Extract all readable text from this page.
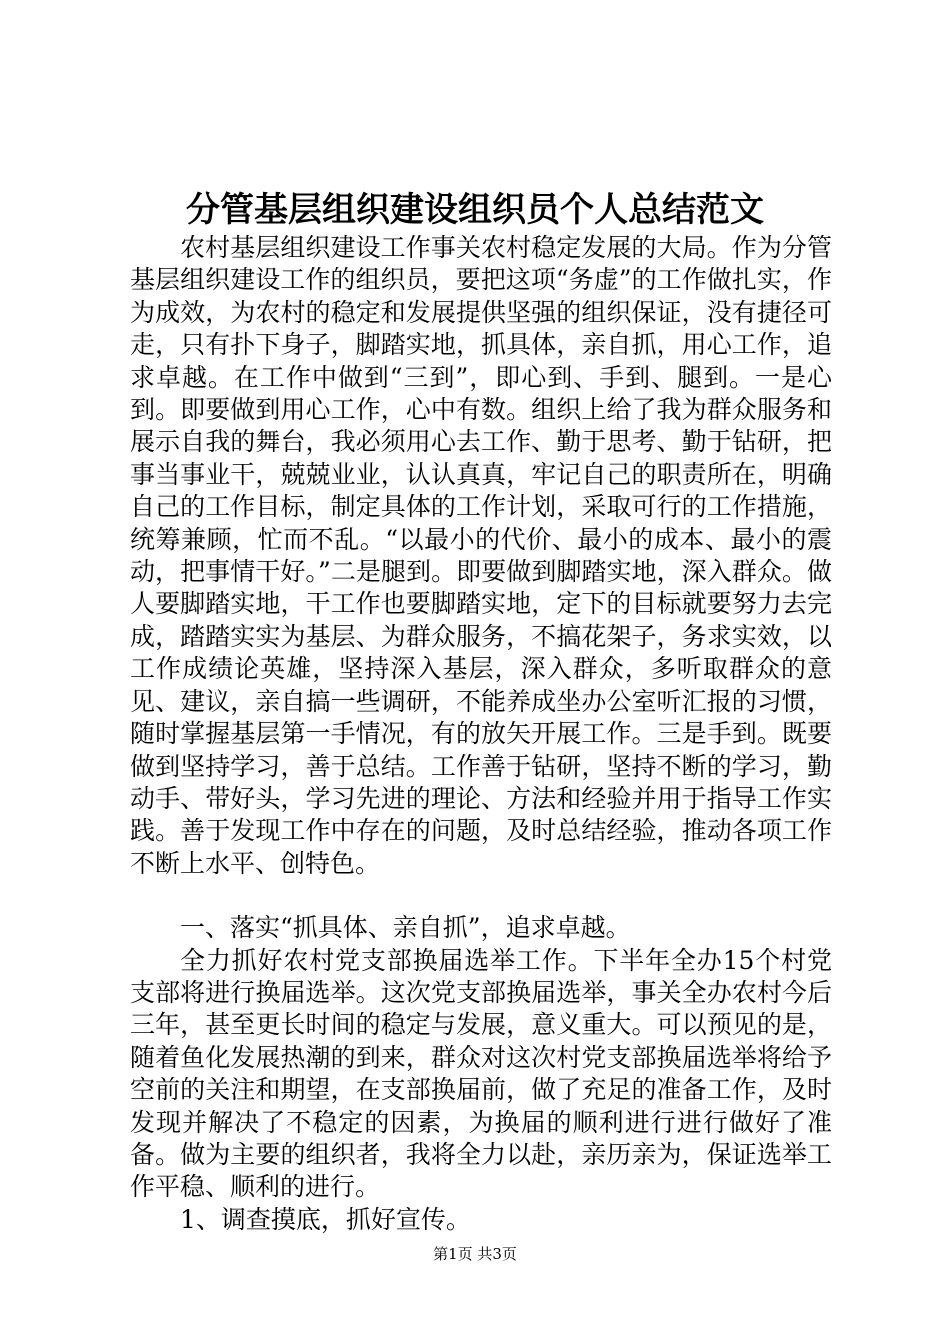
分管基层组织建设组织员个人总结范文

农村基层组织建设工作事关农村稳定发展的大局。作为分管基层组织建设工作的组织员，要把这项“务虚”的工作做扎实，作为成效，为农村的稳定和发展提供坚强的组织保证，没有捷径可走，只有扑下身子，脚踏实地，抓具体，亲自抓，用心工作，追求卓越。在工作中做到“三到”，即心到、手到、腿到。一是心到。即要做到用心工作，心中有数。组织上给了我为群众服务和展示自我的舞台，我必须用心去工作、勤于思考、勤于钻研，把事当事业干，兢兢业业，认认真真，牢记自己的职责所在，明确自己的工作目标，制定具体的工作计划，采取可行的工作措施，统筹兼顾，忙而不乱。“以最小的代价、最小的成本、最小的震动，把事情干好。”二是腿到。即要做到脚踏实地，深入群众。做人要脚踏实地，干工作也要脚踏实地，定下的目标就要努力去完成，踏踏实实为基层、为群众服务，不搞花架子，务求实效，以工作成绩论英雄，坚持深入基层，深入群众，多听取群众的意见、建议，亲自搞一些调研，不能养成坐办公室听汇报的习惯，随时掌握基层第一手情况，有的放矢开展工作。三是手到。既要做到坚持学习，善于总结。工作善于钻研，坚持不断的学习，勤动手、带好头，学习先进的理论、方法和经验并用于指导工作实践。善于发现工作中存在的问题，及时总结经验，推动各项工作不断上水平、创特色。

一、落实“抓具体、亲自抓”，追求卓越。

全力抓好农村党支部换届选举工作。下半年全办15个村党支部将进行换届选举。这次党支部换届选举，事关全办农村今后三年，甚至更长时间的稳定与发展，意义重大。可以预见的是，随着鱼化发展热潮的到来，群众对这次村党支部换届选举将给予空前的关注和期望，在支部换届前，做了充足的准备工作，及时发现并解决了不稳定的因素，为换届的顺利进行进行做好了准备。做为主要的组织者，我将全力以赴，亲历亲为，保证选举工作平稳、顺利的进行。

1、调查摸底，抓好宣传。

第1页 共3页
